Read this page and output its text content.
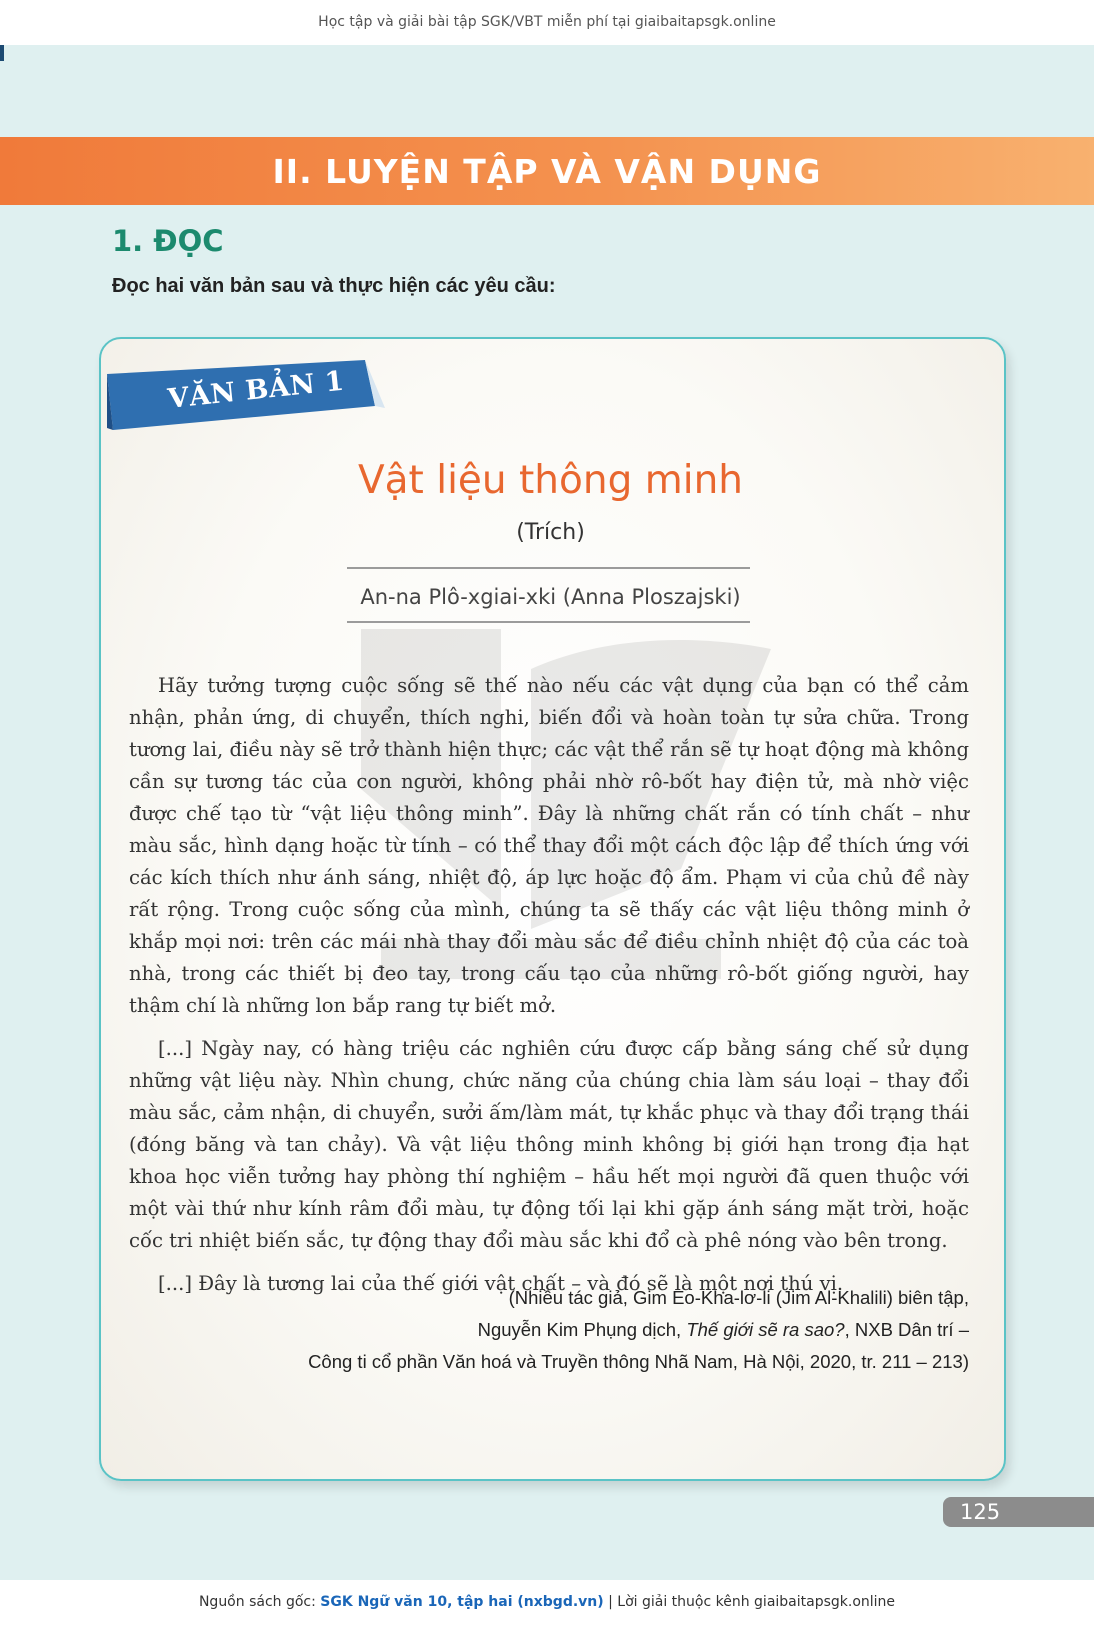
Học tập và giải bài tập SGK/VBT miễn phí tại giaibaitapsgk.online
II. LUYỆN TẬP VÀ VẬN DỤNG
1. ĐỌC
Đọc hai văn bản sau và thực hiện các yêu cầu:
VĂN BẢN 1
Vật liệu thông minh
(Trích)
An-na Plô-xgiai-xki (Anna Ploszajski)

Hãy tưởng tượng cuộc sống sẽ thế nào nếu các vật dụng của bạn có thể cảm nhận, phản ứng, di chuyển, thích nghi, biến đổi và hoàn toàn tự sửa chữa. Trong tương lai, điều này sẽ trở thành hiện thực; các vật thể rắn sẽ tự hoạt động mà không cần sự tương tác của con người, không phải nhờ rô-bốt hay điện tử, mà nhờ việc được chế tạo từ “vật liệu thông minh”. Đây là những chất rắn có tính chất – như màu sắc, hình dạng hoặc từ tính – có thể thay đổi một cách độc lập để thích ứng với các kích thích như ánh sáng, nhiệt độ, áp lực hoặc độ ẩm. Phạm vi của chủ đề này rất rộng. Trong cuộc sống của mình, chúng ta sẽ thấy các vật liệu thông minh ở khắp mọi nơi: trên các mái nhà thay đổi màu sắc để điều chỉnh nhiệt độ của các toà nhà, trong các thiết bị đeo tay, trong cấu tạo của những rô-bốt giống người, hay thậm chí là những lon bắp rang tự biết mở.

[...] Ngày nay, có hàng triệu các nghiên cứu được cấp bằng sáng chế sử dụng những vật liệu này. Nhìn chung, chức năng của chúng chia làm sáu loại – thay đổi màu sắc, cảm nhận, di chuyển, sưởi ấm/làm mát, tự khắc phục và thay đổi trạng thái (đóng băng và tan chảy). Và vật liệu thông minh không bị giới hạn trong địa hạt khoa học viễn tưởng hay phòng thí nghiệm – hầu hết mọi người đã quen thuộc với một vài thứ như kính râm đổi màu, tự động tối lại khi gặp ánh sáng mặt trời, hoặc cốc tri nhiệt biến sắc, tự động thay đổi màu sắc khi đổ cà phê nóng vào bên trong.

[...] Đây là tương lai của thế giới vật chất – và đó sẽ là một nơi thú vị.

(Nhiều tác giả, Gim Eo-Kha-lơ-li (Jim Al-Khalili) biên tập,
Nguyễn Kim Phụng dịch, Thế giới sẽ ra sao?, NXB Dân trí –
Công ti cổ phần Văn hoá và Truyền thông Nhã Nam, Hà Nội, 2020, tr. 211 – 213)
125
Nguồn sách gốc: SGK Ngữ văn 10, tập hai (nxbgd.vn) | Lời giải thuộc kênh giaibaitapsgk.online
